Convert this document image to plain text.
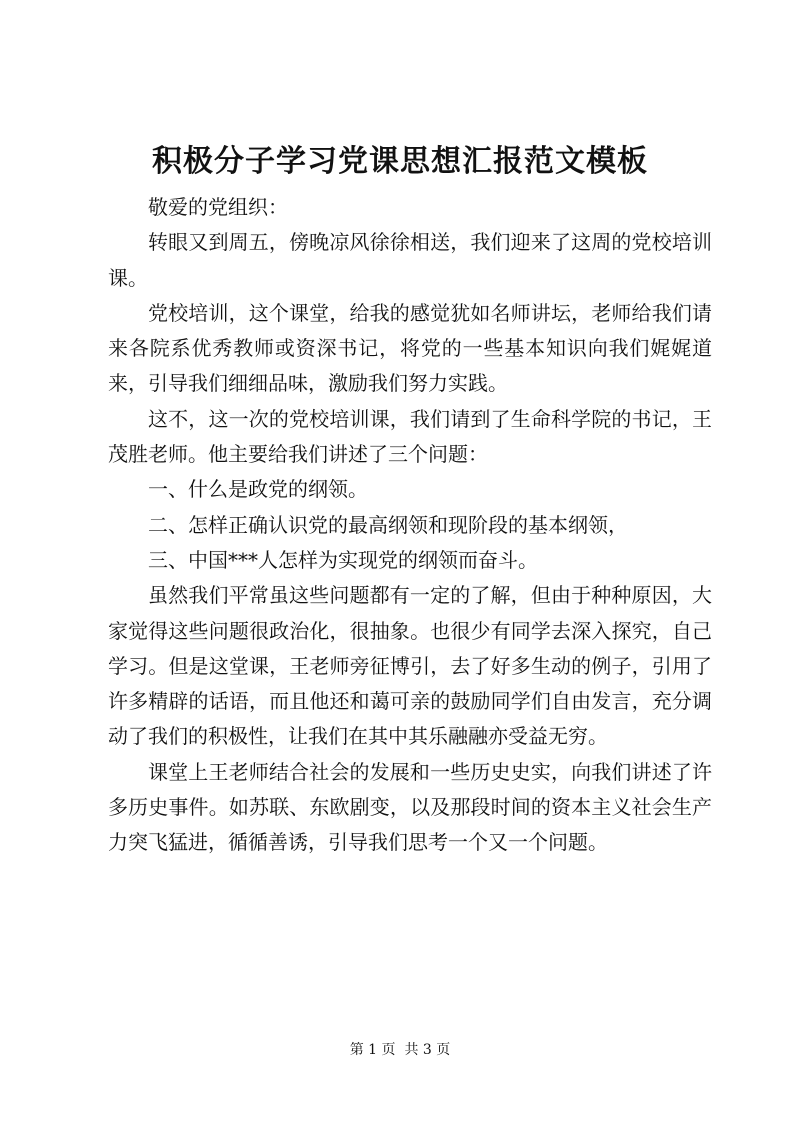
积极分子学习党课思想汇报范文模板

敬爱的党组织：

转眼又到周五，傍晚凉风徐徐相送，我们迎来了这周的党校培训课。

党校培训，这个课堂，给我的感觉犹如名师讲坛，老师给我们请来各院系优秀教师或资深书记，将党的一些基本知识向我们娓娓道来，引导我们细细品味，激励我们努力实践。

这不，这一次的党校培训课，我们请到了生命科学院的书记，王茂胜老师。他主要给我们讲述了三个问题：

一、什么是政党的纲领。

二、怎样正确认识党的最高纲领和现阶段的基本纲领，

三、中国***人怎样为实现党的纲领而奋斗。

虽然我们平常虽这些问题都有一定的了解，但由于种种原因，大家觉得这些问题很政治化，很抽象。也很少有同学去深入探究，自己学习。但是这堂课，王老师旁征博引，去了好多生动的例子，引用了许多精辟的话语，而且他还和蔼可亲的鼓励同学们自由发言，充分调动了我们的积极性，让我们在其中其乐融融亦受益无穷。

课堂上王老师结合社会的发展和一些历史史实，向我们讲述了许多历史事件。如苏联、东欧剧变，以及那段时间的资本主义社会生产力突飞猛进，循循善诱，引导我们思考一个又一个问题。

第 1 页  共 3 页
